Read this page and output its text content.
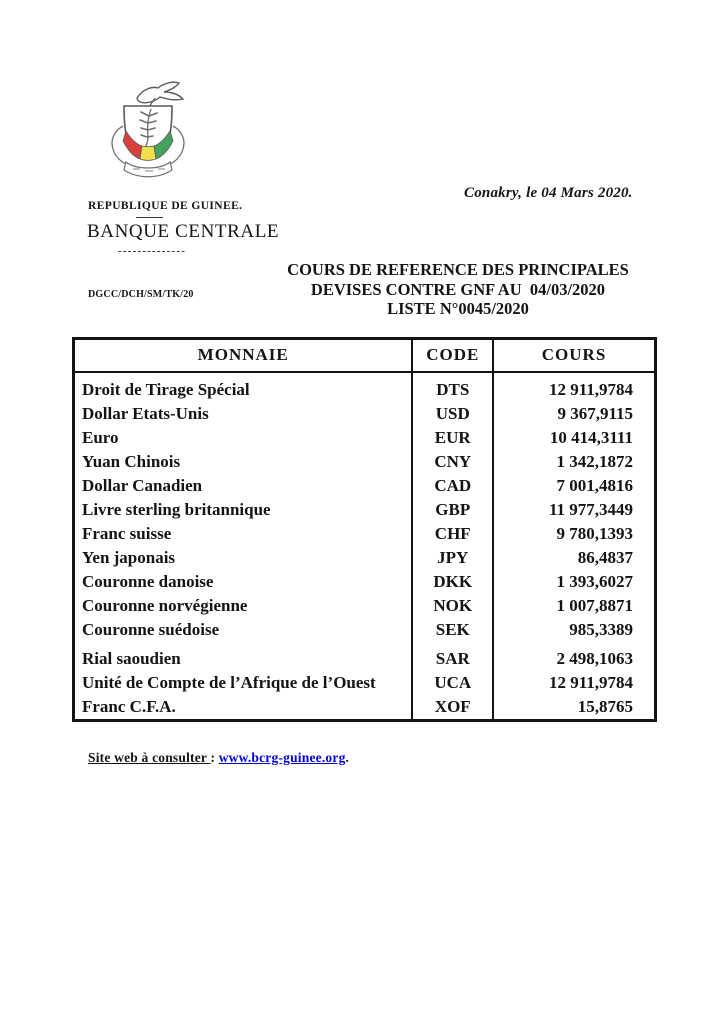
REPUBLIQUE DE GUINEE.
BANQUE CENTRALE
--------------
DGCC/DCH/SM/TK/20
Conakry, le 04 Mars 2020.
COURS DE REFERENCE DES PRINCIPALES
DEVISES CONTRE GNF AU  04/03/2020
LISTE N°0045/2020
MONNAIE	CODE	COURS
Droit de Tirage Spécial	DTS	12 911,9784
Dollar Etats-Unis	USD	9 367,9115
Euro	EUR	10 414,3111
Yuan Chinois	CNY	1 342,1872
Dollar Canadien	CAD	7 001,4816
Livre sterling britannique	GBP	11 977,3449
Franc suisse	CHF	9 780,1393
Yen japonais	JPY	86,4837
Couronne danoise	DKK	1 393,6027
Couronne norvégienne	NOK	1 007,8871
Couronne suédoise	SEK	985,3389
Rial saoudien	SAR	2 498,1063
Unité de Compte de l’Afrique de l’Ouest	UCA	12 911,9784
Franc C.F.A.	XOF	15,8765
Site web à consulter : www.bcrg-guinee.org.
